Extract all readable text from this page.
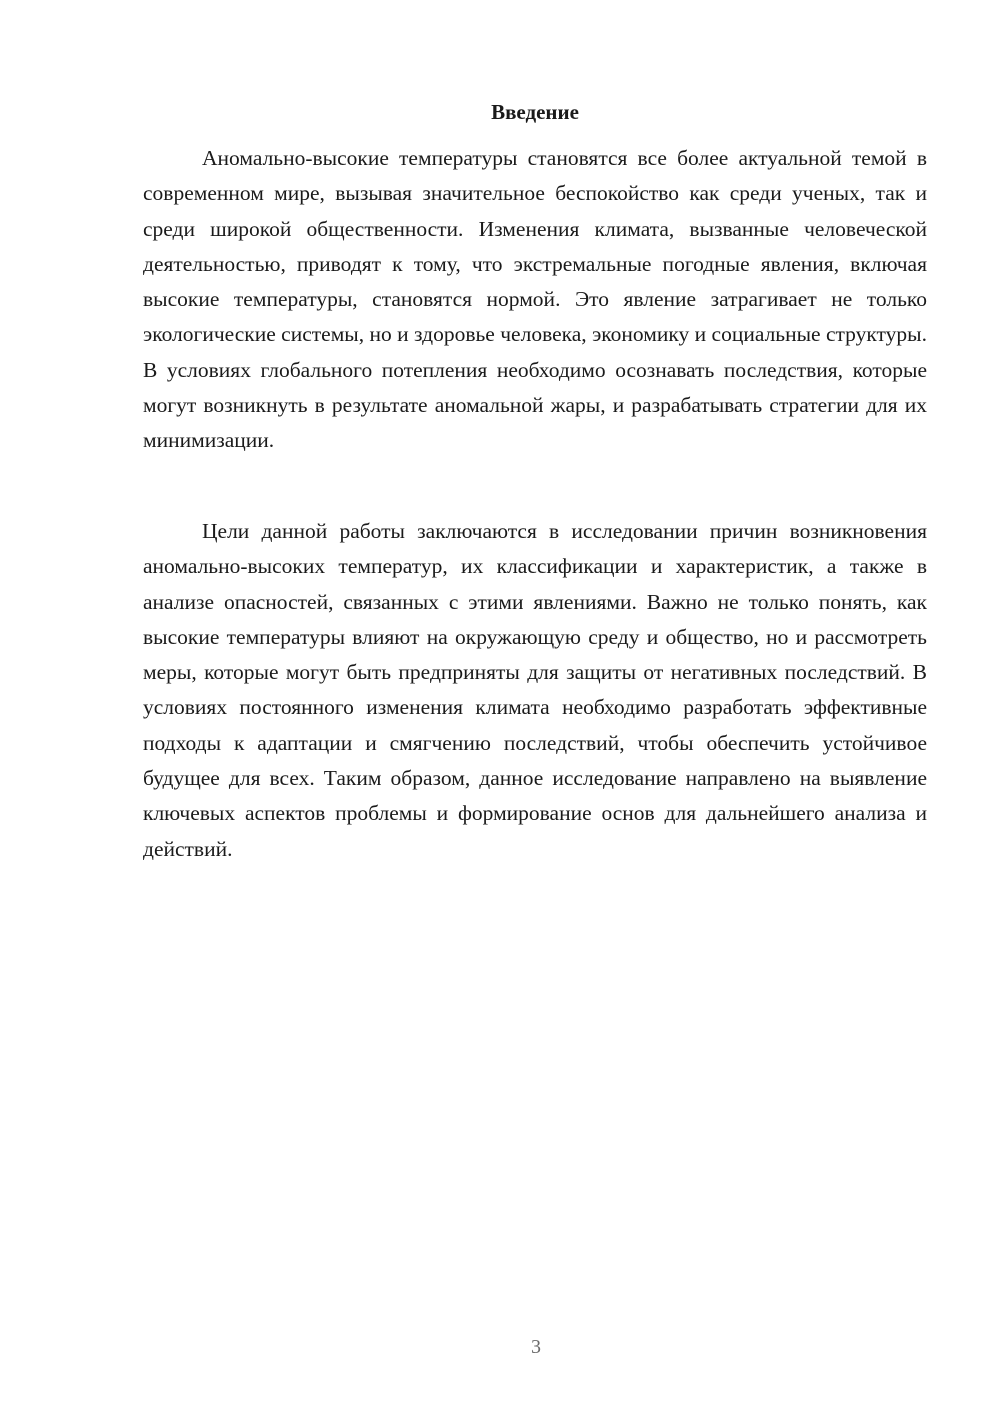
Введение

Аномально-высокие температуры становятся все более актуальной темой в современном мире, вызывая значительное беспокойство как среди ученых, так и среди широкой общественности. Изменения климата, вызванные человеческой деятельностью, приводят к тому, что экстремальные погодные явления, включая высокие температуры, становятся нормой. Это явление затрагивает не только экологические системы, но и здоровье человека, экономику и социальные структуры. В условиях глобального потепления необходимо осознавать последствия, которые могут возникнуть в результате аномальной жары, и разрабатывать стратегии для их минимизации.

Цели данной работы заключаются в исследовании причин возникновения аномально-высоких температур, их классификации и характеристик, а также в анализе опасностей, связанных с этими явлениями. Важно не только понять, как высокие температуры влияют на окружающую среду и общество, но и рассмотреть меры, которые могут быть предприняты для защиты от негативных последствий. В условиях постоянного изменения климата необходимо разработать эффективные подходы к адаптации и смягчению последствий, чтобы обеспечить устойчивое будущее для всех. Таким образом, данное исследование направлено на выявление ключевых аспектов проблемы и формирование основ для дальнейшего анализа и действий.

3
